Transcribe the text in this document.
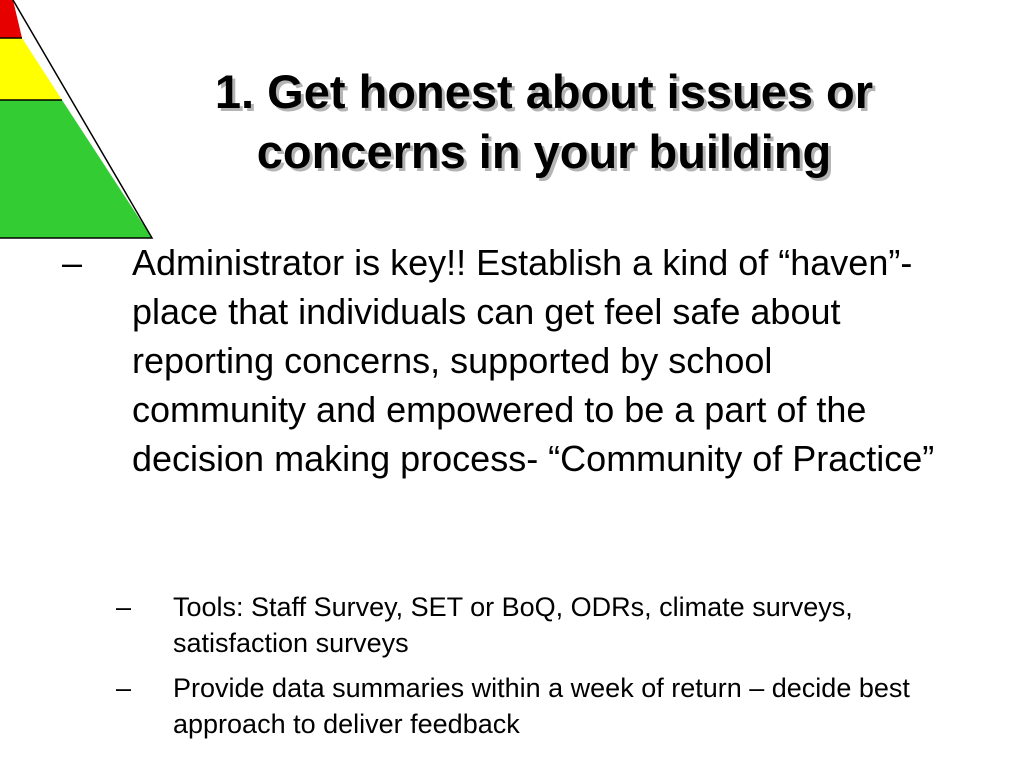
1. Get honest about issues or
concerns in your building
– Administrator is key!! Establish a kind of “haven”- place that individuals can get feel safe about reporting concerns, supported by school community and empowered to be a part of the decision making process- “Community of Practice”
– Tools: Staff Survey, SET or BoQ, ODRs, climate surveys, satisfaction surveys
– Provide data summaries within a week of return – decide best approach to deliver feedback
